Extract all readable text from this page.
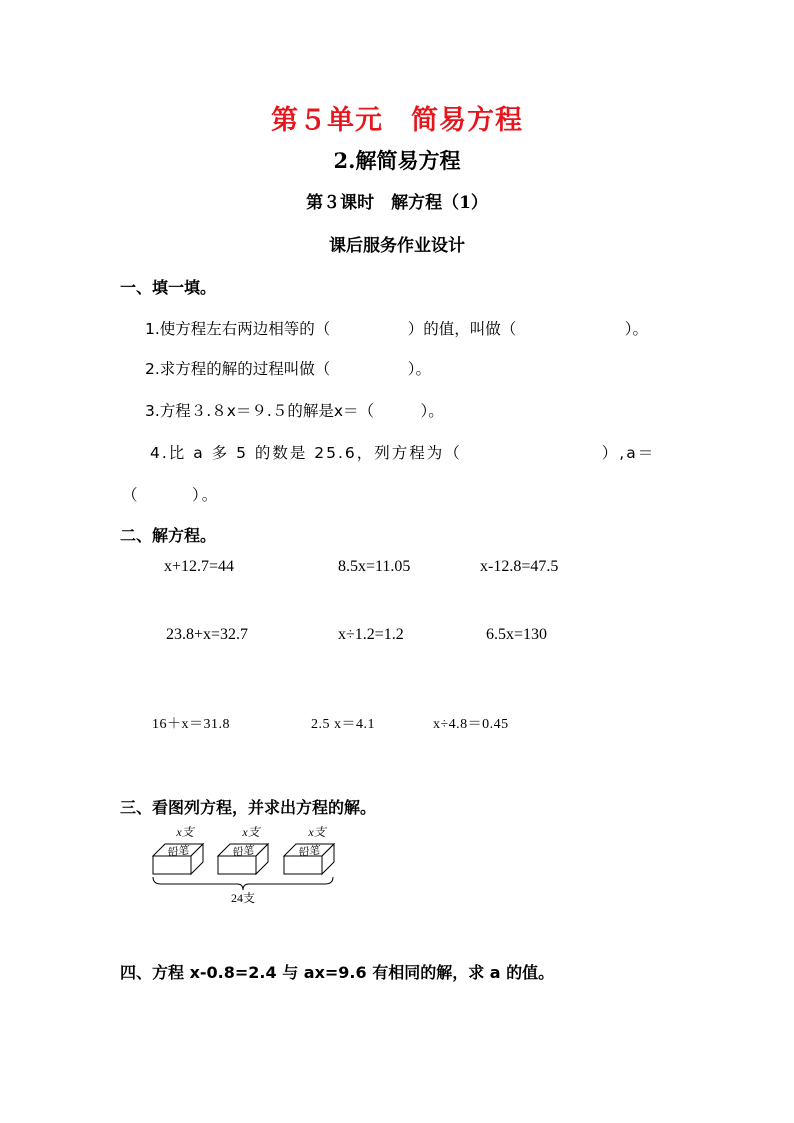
第５单元　简易方程
2.解简易方程
第３课时　解方程（1）
课后服务作业设计
一、填一填。
1.使方程左右两边相等的（　　　　　）的值，叫做（　　　　　　　）。
2.求方程的解的过程叫做（　　　　　）。
3.方程３.８x＝９.５的解是x＝（　　　）。
4.比 a 多 5 的数是 25.6，列方程为（　　　　　　　　）,a＝
（　　　）。
二、解方程。
x+12.7=44	8.5x=11.05	x-12.8=47.5
23.8+x=32.7	x÷1.2=1.2	6.5x=130
16＋x＝31.8	2.5 x＝4.1	x÷4.8＝0.45
三、看图列方程，并求出方程的解。
x支
铅笔
x支
铅笔
x支
铅笔
24支
四、方程 x-0.8=2.4 与 ax=9.6 有相同的解，求 a 的值。
